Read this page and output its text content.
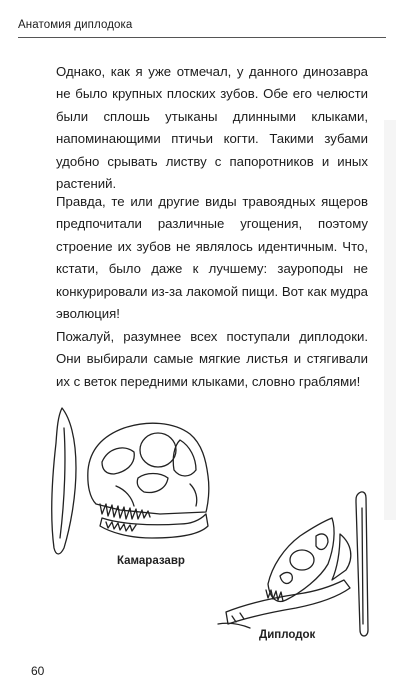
Анатомия диплодока

Однако, как я уже отмечал, у данного динозавра не было крупных плоских зубов. Обе его челюсти были сплошь утыканы длинными клыками, напоминающими птичьи когти. Такими зубами удобно срывать листву с папоротников и иных растений.

Правда, те или другие виды травоядных ящеров предпочитали различные угощения, поэтому строение их зубов не являлось идентичным. Что, кстати, было даже к лучшему: зауроподы не конкурировали из-за лакомой пищи. Вот как мудра эволюция!

Пожалуй, разумнее всех поступали диплодоки. Они выбирали самые мягкие листья и стягивали их с веток передними клыками, словно граблями!

Камаразавр
Диплодок
60
